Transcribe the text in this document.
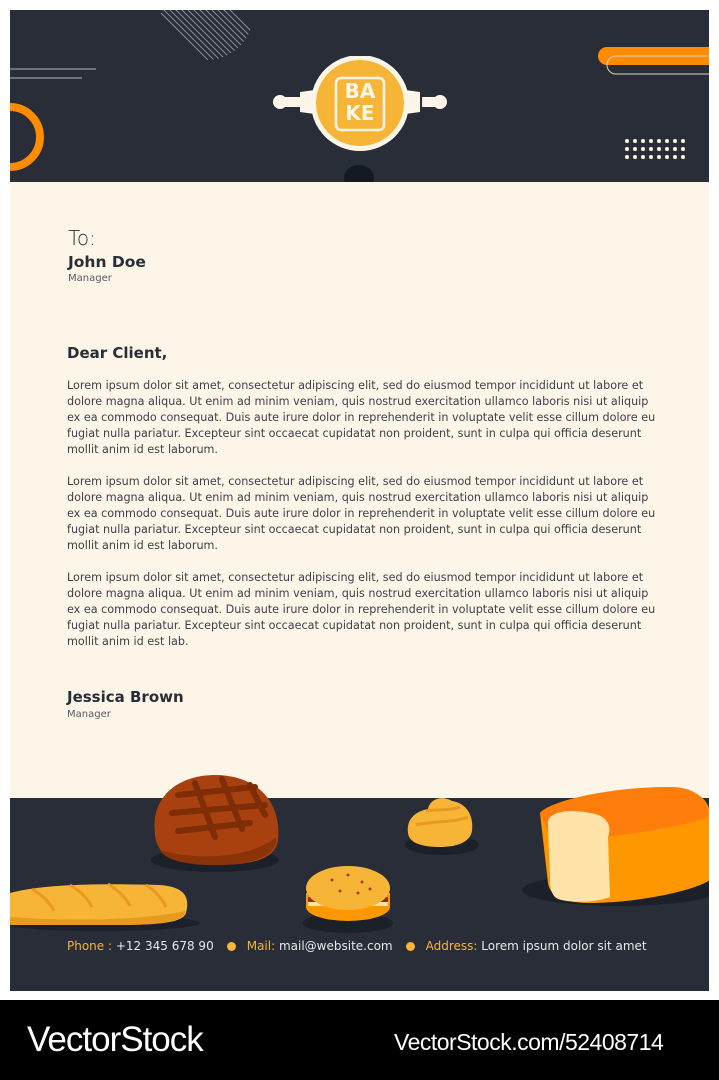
BA
KE
To:
John Doe
Manager
Dear Client,
Lorem ipsum dolor sit amet, consectetur adipiscing elit, sed do eiusmod tempor incididunt ut labore et dolore magna aliqua. Ut enim ad minim veniam, quis nostrud exercitation ullamco laboris nisi ut aliquip ex ea commodo consequat. Duis aute irure dolor in reprehenderit in voluptate velit esse cillum dolore eu fugiat nulla pariatur. Excepteur sint occaecat cupidatat non proident, sunt in culpa qui officia deserunt mollit anim id est laborum.
Lorem ipsum dolor sit amet, consectetur adipiscing elit, sed do eiusmod tempor incididunt ut labore et dolore magna aliqua. Ut enim ad minim veniam, quis nostrud exercitation ullamco laboris nisi ut aliquip ex ea commodo consequat. Duis aute irure dolor in reprehenderit in voluptate velit esse cillum dolore eu fugiat nulla pariatur. Excepteur sint occaecat cupidatat non proident, sunt in culpa qui officia deserunt mollit anim id est laborum.
Lorem ipsum dolor sit amet, consectetur adipiscing elit, sed do eiusmod tempor incididunt ut labore et dolore magna aliqua. Ut enim ad minim veniam, quis nostrud exercitation ullamco laboris nisi ut aliquip ex ea commodo consequat. Duis aute irure dolor in reprehenderit in voluptate velit esse cillum dolore eu fugiat nulla pariatur. Excepteur sint occaecat cupidatat non proident, sunt in culpa qui officia deserunt mollit anim id est lab.
Jessica Brown
Manager
Phone :
+12 345 678 90	Mail:
mail@website.com	Address:
Lorem ipsum dolor sit amet
VectorStock	VectorStock.com/52408714
